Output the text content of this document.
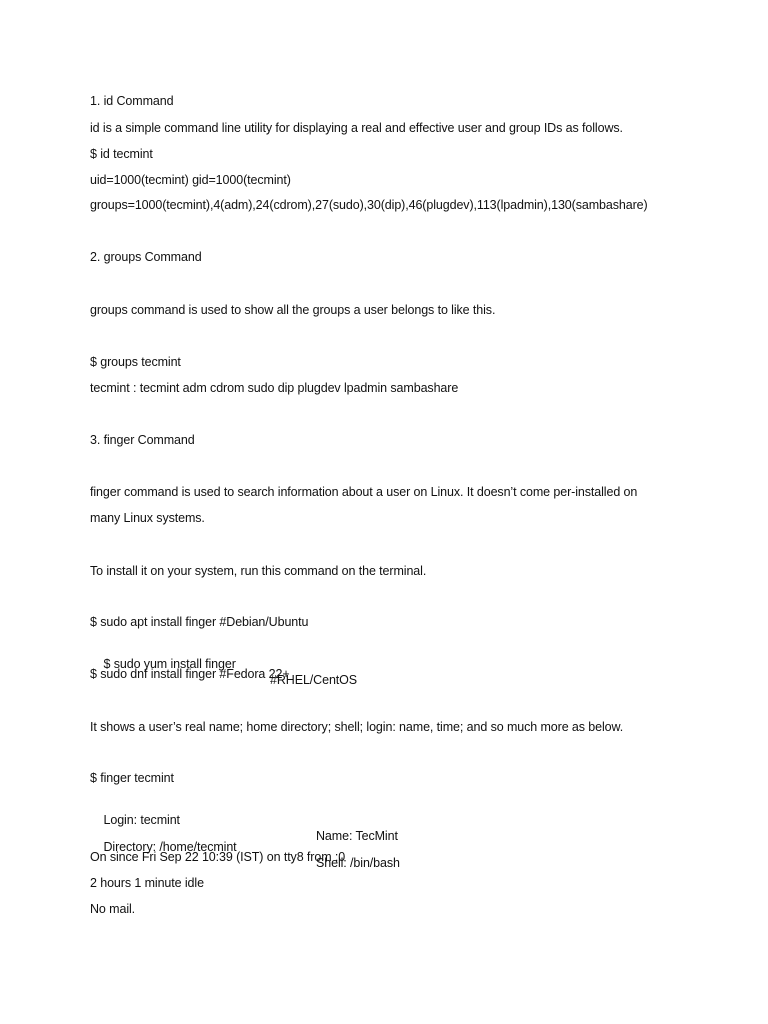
1. id Command
id is a simple command line utility for displaying a real and effective user and group IDs as follows.
$ id tecmint
uid=1000(tecmint) gid=1000(tecmint)
groups=1000(tecmint),4(adm),24(cdrom),27(sudo),30(dip),46(plugdev),113(lpadmin),130(sambashare)
2. groups Command
groups command is used to show all the groups a user belongs to like this.
$ groups tecmint
tecmint : tecmint adm cdrom sudo dip plugdev lpadmin sambashare
3. finger Command
finger command is used to search information about a user on Linux. It doesn’t come per-installed on
many Linux systems.
To install it on your system, run this command on the terminal.
$ sudo apt install finger #Debian/Ubuntu

$ sudo yum install finger

#RHEL/CentOS

$ sudo dnf install finger #Fedora 22+
It shows a user’s real name; home directory; shell; login: name, time; and so much more as below.
$ finger tecmint

Login: tecmint

Name: TecMint

Directory: /home/tecmint

Shell: /bin/bash

On since Fri Sep 22 10:39 (IST) on tty8 from :0
2 hours 1 minute idle
No mail.
